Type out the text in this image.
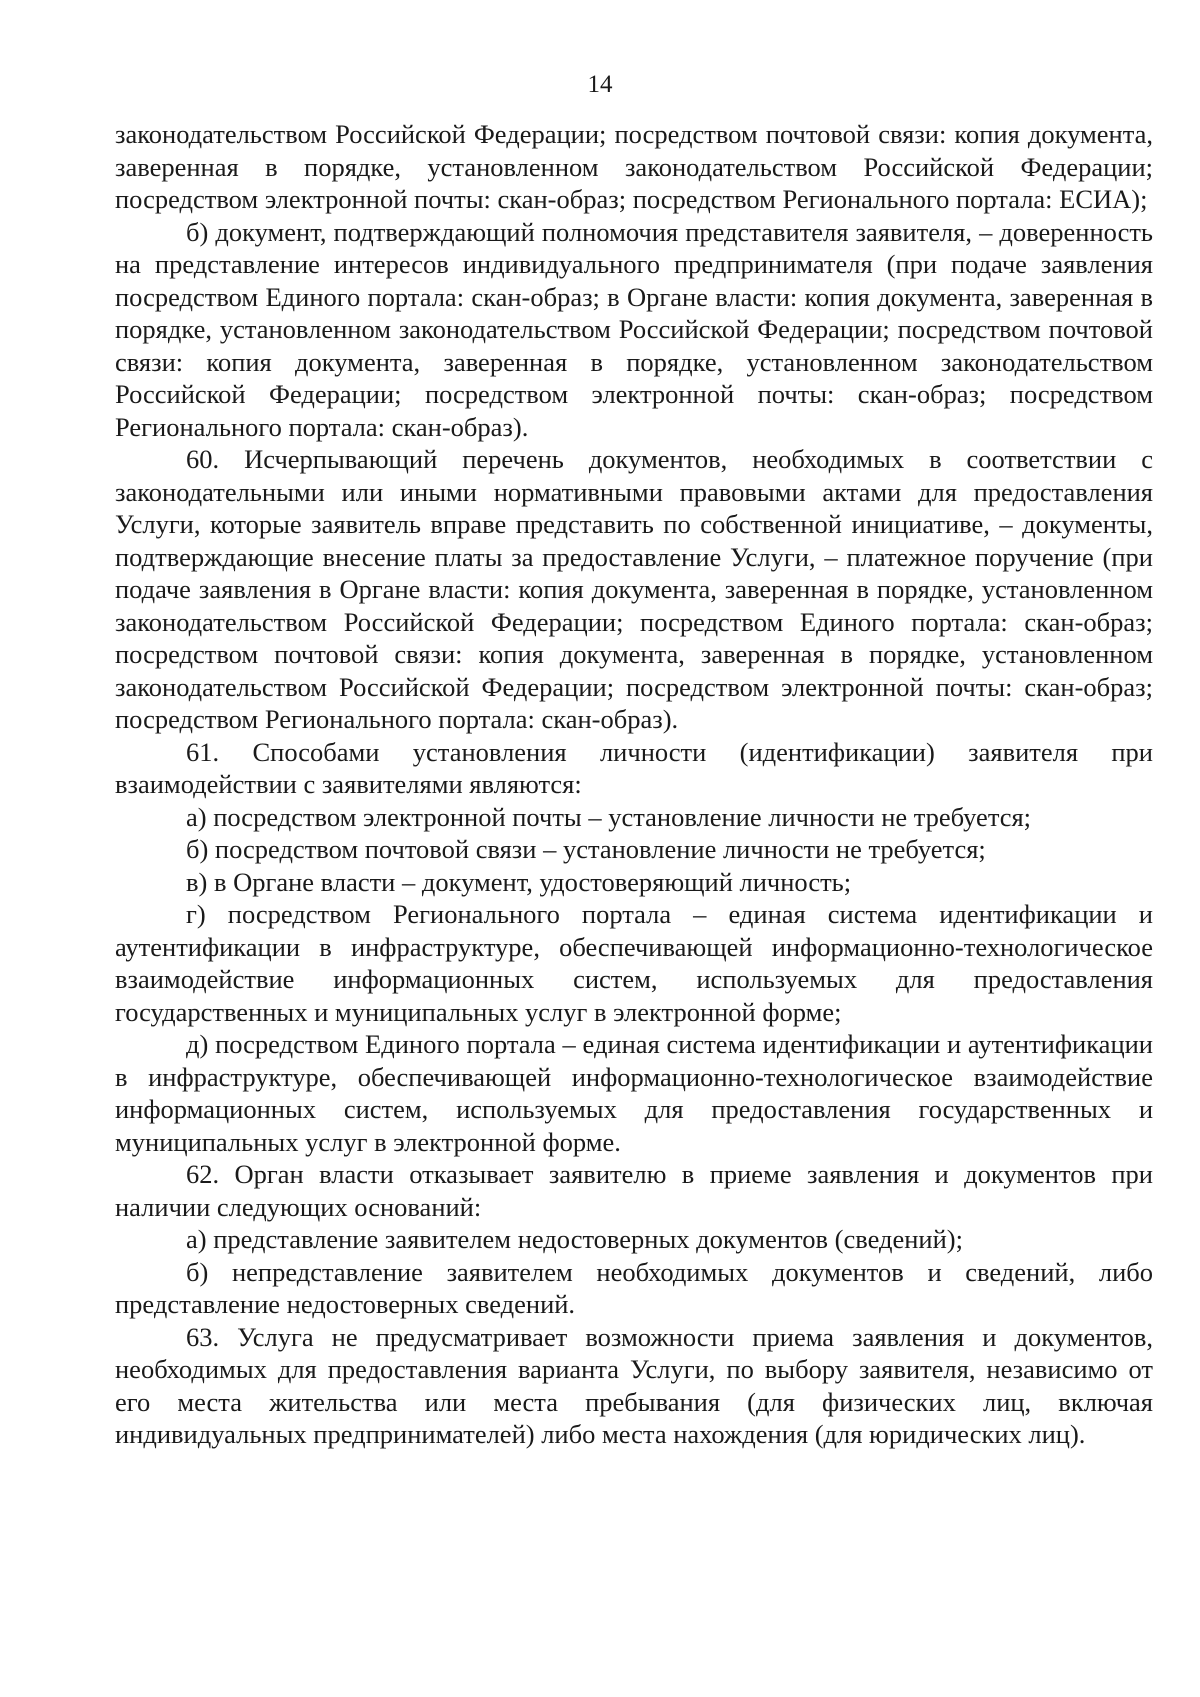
14

законодательством Российской Федерации; посредством почтовой связи: копия документа, заверенная в порядке, установленном законодательством Российской Федерации; посредством электронной почты: скан-образ; посредством Регионального портала: ЕСИА);

б) документ, подтверждающий полномочия представителя заявителя, – доверенность на представление интересов индивидуального предпринимателя (при подаче заявления посредством Единого портала: скан-образ; в Органе власти: копия документа, заверенная в порядке, установленном законодательством Российской Федерации; посредством почтовой связи: копия документа, заверенная в порядке, установленном законодательством Российской Федерации; посредством электронной почты: скан-образ; посредством Регионального портала: скан-образ).

60. Исчерпывающий перечень документов, необходимых в соответствии с законодательными или иными нормативными правовыми актами для предоставления Услуги, которые заявитель вправе представить по собственной инициативе, – документы, подтверждающие внесение платы за предоставление Услуги, – платежное поручение (при подаче заявления в Органе власти: копия документа, заверенная в порядке, установленном законодательством Российской Федерации; посредством Единого портала: скан-образ; посредством почтовой связи: копия документа, заверенная в порядке, установленном законодательством Российской Федерации; посредством электронной почты: скан-образ; посредством Регионального портала: скан-образ).

61. Способами установления личности (идентификации) заявителя при взаимодействии с заявителями являются:

а) посредством электронной почты – установление личности не требуется;

б) посредством почтовой связи – установление личности не требуется;

в) в Органе власти – документ, удостоверяющий личность;

г) посредством Регионального портала – единая система идентификации и аутентификации в инфраструктуре, обеспечивающей информационно-технологическое взаимодействие информационных систем, используемых для предоставления государственных и муниципальных услуг в электронной форме;

д) посредством Единого портала – единая система идентификации и аутентификации в инфраструктуре, обеспечивающей информационно-технологическое взаимодействие информационных систем, используемых для предоставления государственных и муниципальных услуг в электронной форме.

62. Орган власти отказывает заявителю в приеме заявления и документов при наличии следующих оснований:

а) представление заявителем недостоверных документов (сведений);

б) непредставление заявителем необходимых документов и сведений, либо представление недостоверных сведений.

63. Услуга не предусматривает возможности приема заявления и документов, необходимых для предоставления варианта Услуги, по выбору заявителя, независимо от его места жительства или места пребывания (для физических лиц, включая индивидуальных предпринимателей) либо места нахождения (для юридических лиц).
